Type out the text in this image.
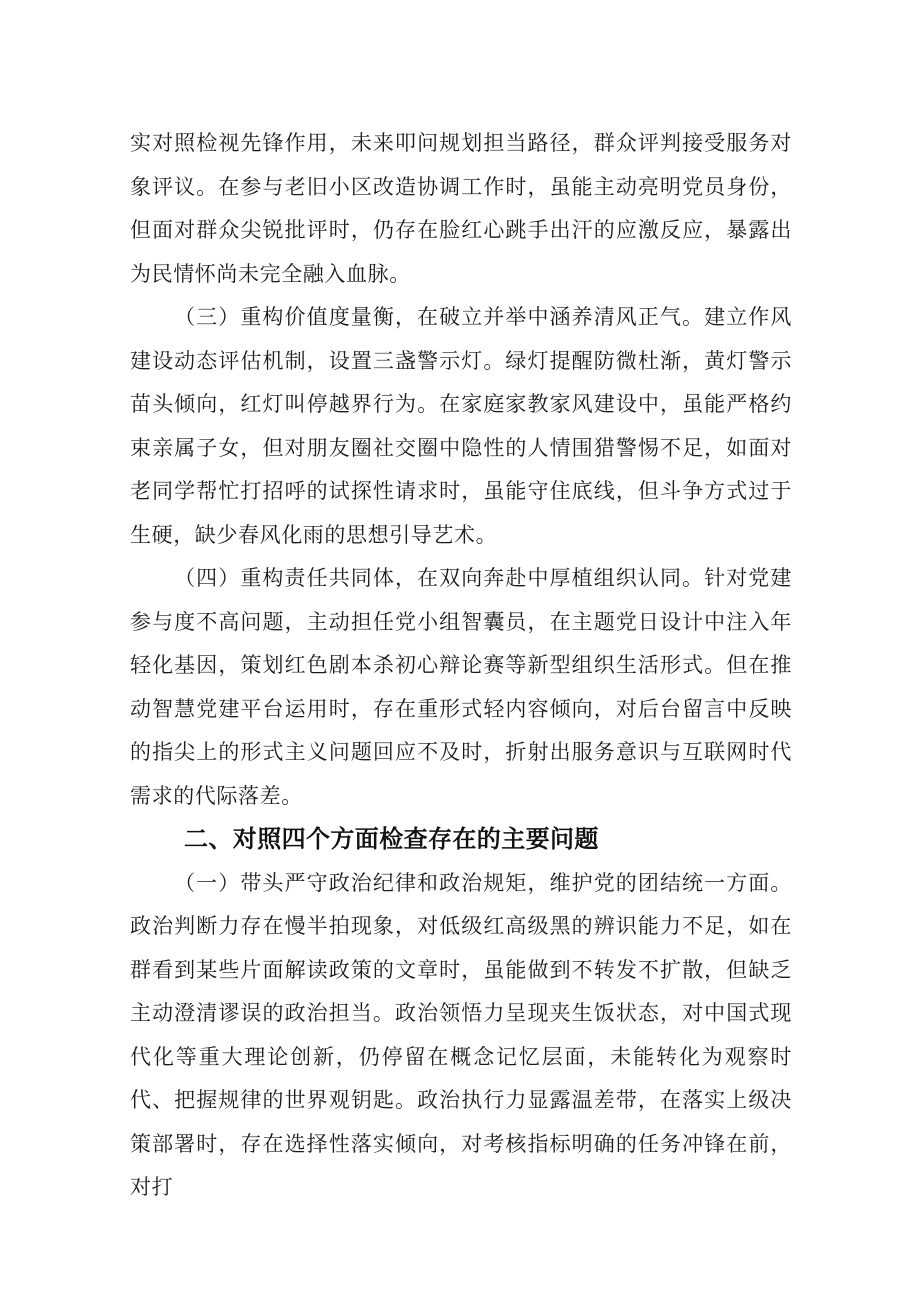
实对照检视先锋作用，未来叩问规划担当路径，群众评判接受服务对象评议。在参与老旧小区改造协调工作时，虽能主动亮明党员身份，但面对群众尖锐批评时，仍存在脸红心跳手出汗的应激反应，暴露出为民情怀尚未完全融入血脉。

（三）重构价值度量衡，在破立并举中涵养清风正气。建立作风建设动态评估机制，设置三盏警示灯。绿灯提醒防微杜渐，黄灯警示苗头倾向，红灯叫停越界行为。在家庭家教家风建设中，虽能严格约束亲属子女，但对朋友圈社交圈中隐性的人情围猎警惕不足，如面对老同学帮忙打招呼的试探性请求时，虽能守住底线，但斗争方式过于生硬，缺少春风化雨的思想引导艺术。

（四）重构责任共同体，在双向奔赴中厚植组织认同。针对党建参与度不高问题，主动担任党小组智囊员，在主题党日设计中注入年轻化基因，策划红色剧本杀初心辩论赛等新型组织生活形式。但在推动智慧党建平台运用时，存在重形式轻内容倾向，对后台留言中反映的指尖上的形式主义问题回应不及时，折射出服务意识与互联网时代需求的代际落差。

二、对照四个方面检查存在的主要问题

（一）带头严守政治纪律和政治规矩，维护党的团结统一方面。政治判断力存在慢半拍现象，对低级红高级黑的辨识能力不足，如在群看到某些片面解读政策的文章时，虽能做到不转发不扩散，但缺乏主动澄清谬误的政治担当。政治领悟力呈现夹生饭状态，对中国式现代化等重大理论创新，仍停留在概念记忆层面，未能转化为观察时代、把握规律的世界观钥匙。政治执行力显露温差带，在落实上级决策部署时，存在选择性落实倾向，对考核指标明确的任务冲锋在前，对打
